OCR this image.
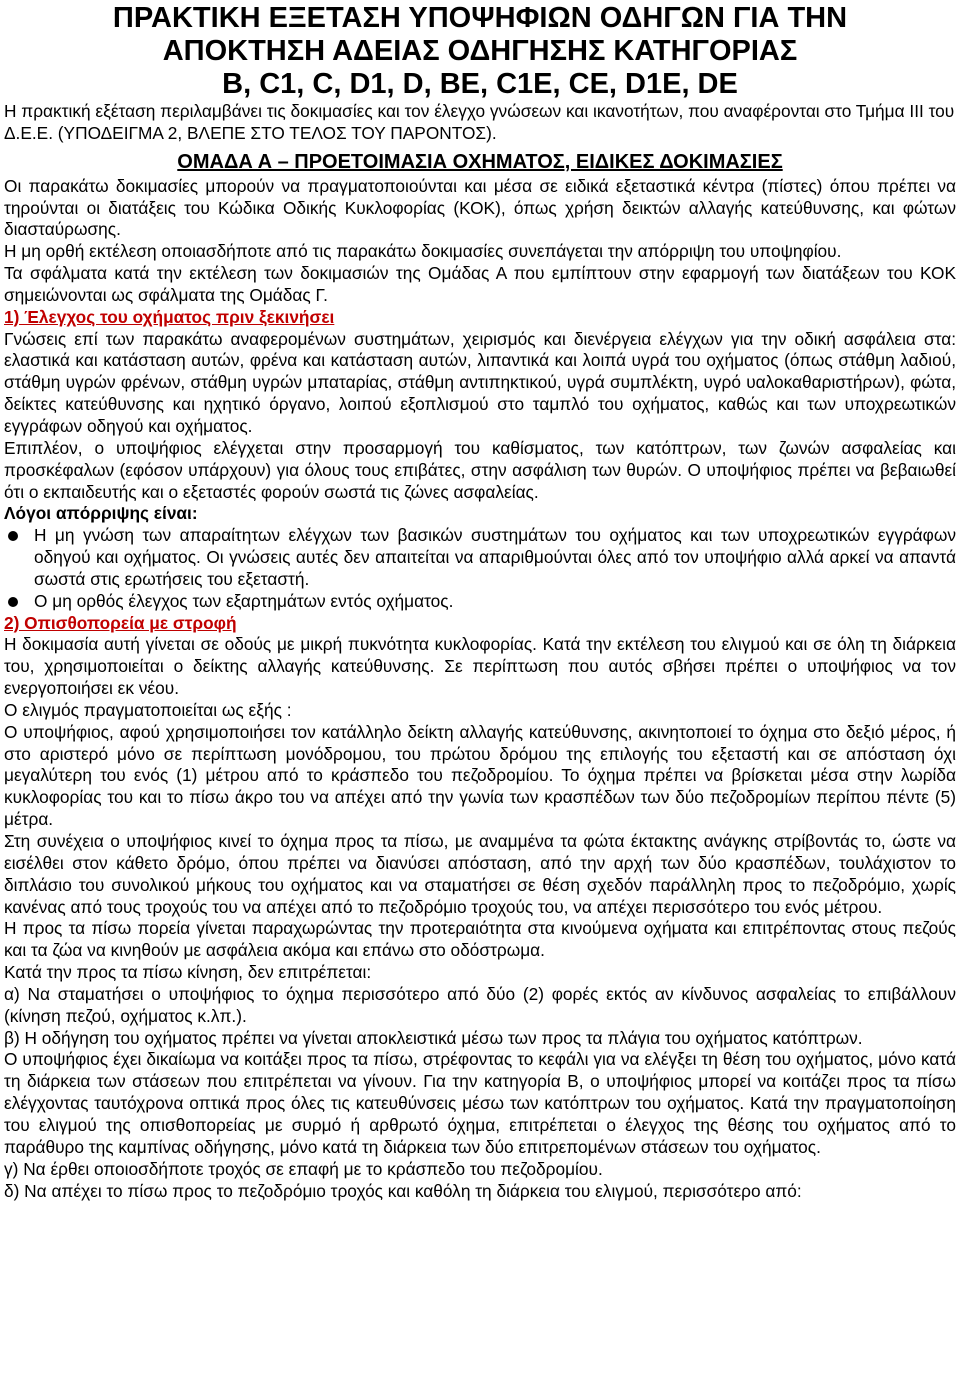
ΠΡΑΚΤΙΚΗ ΕΞΕΤΑΣΗ ΥΠΟΨΗΦΙΩΝ ΟΔΗΓΩΝ ΓΙΑ ΤΗΝ
ΑΠΟΚΤΗΣΗ ΑΔΕΙΑΣ ΟΔΗΓΗΣΗΣ ΚΑΤΗΓΟΡΙΑΣ
B, C1, C, D1, D, BE, C1E, CE, D1E, DE

Η πρακτική εξέταση περιλαμβάνει τις δοκιμασίες και τον έλεγχο γνώσεων και ικανοτήτων, που αναφέρονται στο Τμήμα ΙΙΙ του Δ.Ε.Ε. (ΥΠΟΔΕΙΓΜΑ 2, ΒΛΕΠΕ ΣΤΟ ΤΕΛΟΣ ΤΟΥ ΠΑΡΟΝΤΟΣ).

ΟΜΑΔΑ Α – ΠΡΟΕΤΟΙΜΑΣΙΑ ΟΧΗΜΑΤΟΣ, ΕΙΔΙΚΕΣ ΔΟΚΙΜΑΣΙΕΣ

Οι παρακάτω δοκιμασίες μπορούν να πραγματοποιούνται και μέσα σε ειδικά εξεταστικά κέντρα (πίστες) όπου πρέπει να τηρούνται οι διατάξεις του Κώδικα Οδικής Κυκλοφορίας (ΚΟΚ), όπως χρήση δεικτών αλλαγής κατεύθυνσης, και φώτων διασταύρωσης.

Η μη ορθή εκτέλεση οποιασδήποτε από τις παρακάτω δοκιμασίες συνεπάγεται την απόρριψη του υποψηφίου.

Τα σφάλματα κατά την εκτέλεση των δοκιμασιών της Ομάδας Α που εμπίπτουν στην εφαρμογή των διατάξεων του ΚΟΚ σημειώνονται ως σφάλματα της Ομάδας Γ.

1) Έλεγχος του οχήματος πριν ξεκινήσει

Γνώσεις επί των παρακάτω αναφερομένων συστημάτων, χειρισμός και διενέργεια ελέγχων για την οδική ασφάλεια στα: ελαστικά και κατάσταση αυτών, φρένα και κατάσταση αυτών, λιπαντικά και λοιπά υγρά του οχήματος (όπως στάθμη λαδιού, στάθμη υγρών φρένων, στάθμη υγρών μπαταρίας, στάθμη αντιπηκτικού, υγρά συμπλέκτη, υγρό υαλοκαθαριστήρων), φώτα, δείκτες κατεύθυνσης και ηχητικό όργανο, λοιπού εξοπλισμού στο ταμπλό του οχήματος, καθώς και των υποχρεωτικών εγγράφων οδηγού και οχήματος.

Επιπλέον, ο υποψήφιος ελέγχεται στην προσαρμογή του καθίσματος, των κατόπτρων, των ζωνών ασφαλείας και προσκέφαλων (εφόσον υπάρχουν) για όλους τους επιβάτες, στην ασφάλιση των θυρών. Ο υποψήφιος πρέπει να βεβαιωθεί ότι ο εκπαιδευτής και ο εξεταστές φορούν σωστά τις ζώνες ασφαλείας.

Λόγοι απόρριψης είναι:

Η μη γνώση των απαραίτητων ελέγχων των βασικών συστημάτων του οχήματος και των υποχρεωτικών εγγράφων οδηγού και οχήματος. Οι γνώσεις αυτές δεν απαιτείται να απαριθμούνται όλες από τον υποψήφιο αλλά αρκεί να απαντά σωστά στις ερωτήσεις του εξεταστή.
Ο μη ορθός έλεγχος των εξαρτημάτων εντός οχήματος.

2) Οπισθοπορεία με στροφή

Η δοκιμασία αυτή γίνεται σε οδούς με μικρή πυκνότητα κυκλοφορίας. Κατά την εκτέλεση του ελιγμού και σε όλη τη διάρκεια του, χρησιμοποιείται ο δείκτης αλλαγής κατεύθυνσης. Σε περίπτωση που αυτός σβήσει πρέπει ο υποψήφιος να τον ενεργοποιήσει εκ νέου.

Ο ελιγμός πραγματοποιείται ως εξής :

Ο υποψήφιος, αφού χρησιμοποιήσει τον κατάλληλο δείκτη αλλαγής κατεύθυνσης, ακινητοποιεί το όχημα στο δεξιό μέρος, ή στο αριστερό μόνο σε περίπτωση μονόδρομου, του πρώτου δρόμου της επιλογής του εξεταστή και σε απόσταση όχι μεγαλύτερη του ενός (1) μέτρου από το κράσπεδο του πεζοδρομίου. Το όχημα πρέπει να βρίσκεται μέσα στην λωρίδα κυκλοφορίας του και το πίσω άκρο του να απέχει από την γωνία των κρασπέδων των δύο πεζοδρομίων περίπου πέντε (5) μέτρα.

Στη συνέχεια ο υποψήφιος κινεί το όχημα προς τα πίσω, με αναμμένα τα φώτα έκτακτης ανάγκης στρίβοντάς το, ώστε να εισέλθει στον κάθετο δρόμο, όπου πρέπει να διανύσει απόσταση, από την αρχή των δύο κρασπέδων, τουλάχιστον το διπλάσιο του συνολικού μήκους του οχήματος και να σταματήσει σε θέση σχεδόν παράλληλη προς το πεζοδρόμιο, χωρίς κανένας από τους τροχούς του να απέχει από το πεζοδρόμιο τροχούς του, να απέχει περισσότερο του ενός μέτρου.

Η προς τα πίσω πορεία γίνεται παραχωρώντας την προτεραιότητα στα κινούμενα οχήματα και επιτρέποντας στους πεζούς και τα ζώα να κινηθούν με ασφάλεια ακόμα και επάνω στο οδόστρωμα.

Κατά την προς τα πίσω κίνηση, δεν επιτρέπεται:

α) Να σταματήσει ο υποψήφιος το όχημα περισσότερο από δύο (2) φορές εκτός αν κίνδυνος ασφαλείας το επιβάλλουν (κίνηση πεζού, οχήματος κ.λπ.).

β) Η οδήγηση του οχήματος πρέπει να γίνεται αποκλειστικά μέσω των προς τα πλάγια του οχήματος κατόπτρων.

Ο υποψήφιος έχει δικαίωμα να κοιτάξει προς τα πίσω, στρέφοντας το κεφάλι για να ελέγξει τη θέση του οχήματος, μόνο κατά τη διάρκεια των στάσεων που επιτρέπεται να γίνουν. Για την κατηγορία Β, ο υποψήφιος μπορεί να κοιτάζει προς τα πίσω ελέγχοντας ταυτόχρονα οπτικά προς όλες τις κατευθύνσεις μέσω των κατόπτρων του οχήματος. Κατά την πραγματοποίηση του ελιγμού της οπισθοπορείας με συρμό ή αρθρωτό όχημα, επιτρέπεται ο έλεγχος της θέσης του οχήματος από το παράθυρο της καμπίνας οδήγησης, μόνο κατά τη διάρκεια των δύο επιτρεπομένων στάσεων του οχήματος.

γ) Να έρθει οποιοσδήποτε τροχός σε επαφή με το κράσπεδο του πεζοδρομίου.

δ) Να απέχει το πίσω προς το πεζοδρόμιο τροχός και καθόλη τη διάρκεια του ελιγμού, περισσότερο από:
